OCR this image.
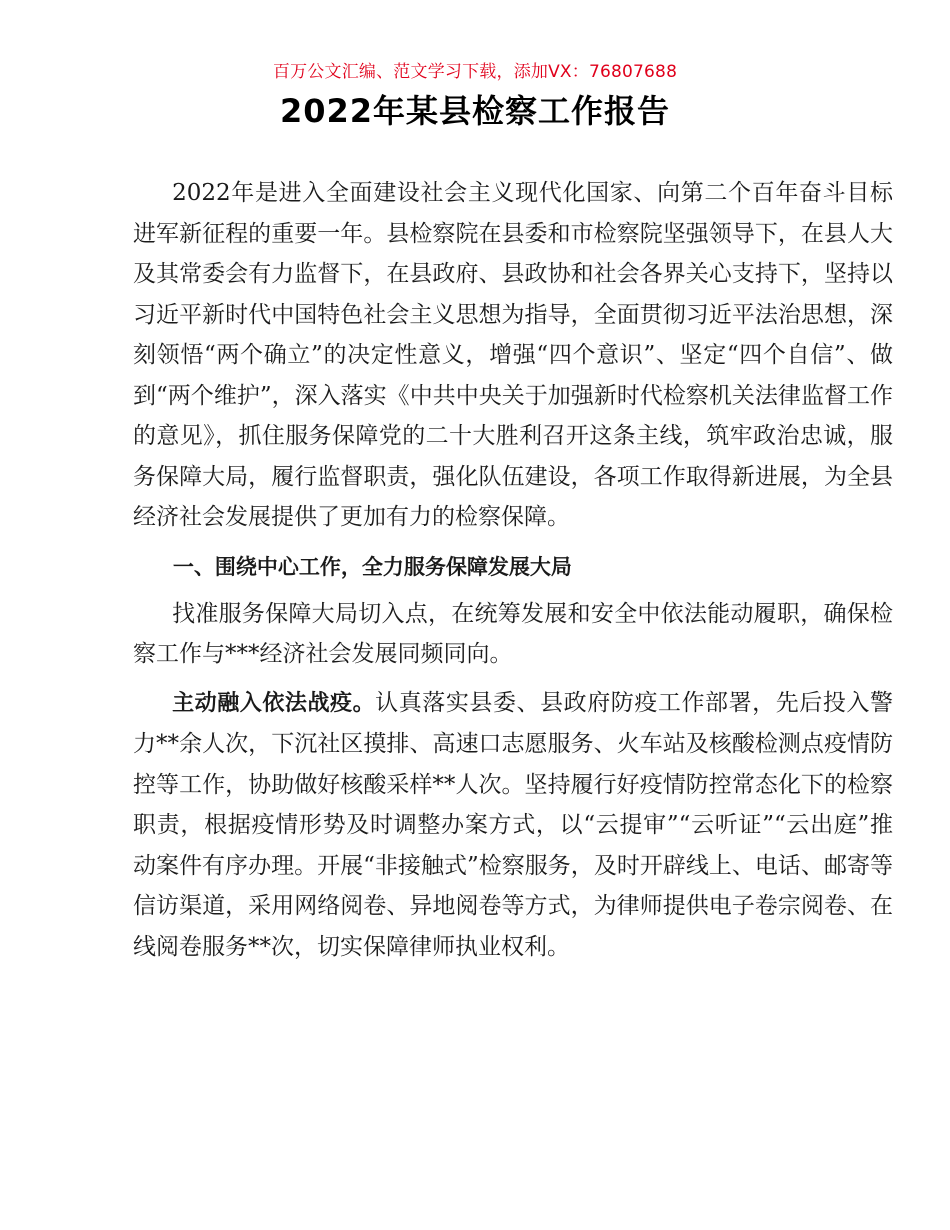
百万公文汇编、范文学习下载，添加VX：76807688
2022年某县检察工作报告

2022年是进入全面建设社会主义现代化国家、向第二个百年奋斗目标进军新征程的重要一年。县检察院在县委和市检察院坚强领导下，在县人大及其常委会有力监督下，在县政府、县政协和社会各界关心支持下，坚持以习近平新时代中国特色社会主义思想为指导，全面贯彻习近平法治思想，深刻领悟“两个确立”的决定性意义，增强“四个意识”、坚定“四个自信”、做到“两个维护”，深入落实《中共中央关于加强新时代检察机关法律监督工作的意见》，抓住服务保障党的二十大胜利召开这条主线，筑牢政治忠诚，服务保障大局，履行监督职责，强化队伍建设，各项工作取得新进展，为全县经济社会发展提供了更加有力的检察保障。

一、围绕中心工作，全力服务保障发展大局

找准服务保障大局切入点，在统筹发展和安全中依法能动履职，确保检察工作与***经济社会发展同频同向。

主动融入依法战疫。认真落实县委、县政府防疫工作部署，先后投入警力**余人次，下沉社区摸排、高速口志愿服务、火车站及核酸检测点疫情防控等工作，协助做好核酸采样**人次。坚持履行好疫情防控常态化下的检察职责，根据疫情形势及时调整办案方式，以“云提审”“云听证”“云出庭”推动案件有序办理。开展“非接触式”检察服务，及时开辟线上、电话、邮寄等信访渠道，采用网络阅卷、异地阅卷等方式，为律师提供电子卷宗阅卷、在线阅卷服务**次，切实保障律师执业权利。
